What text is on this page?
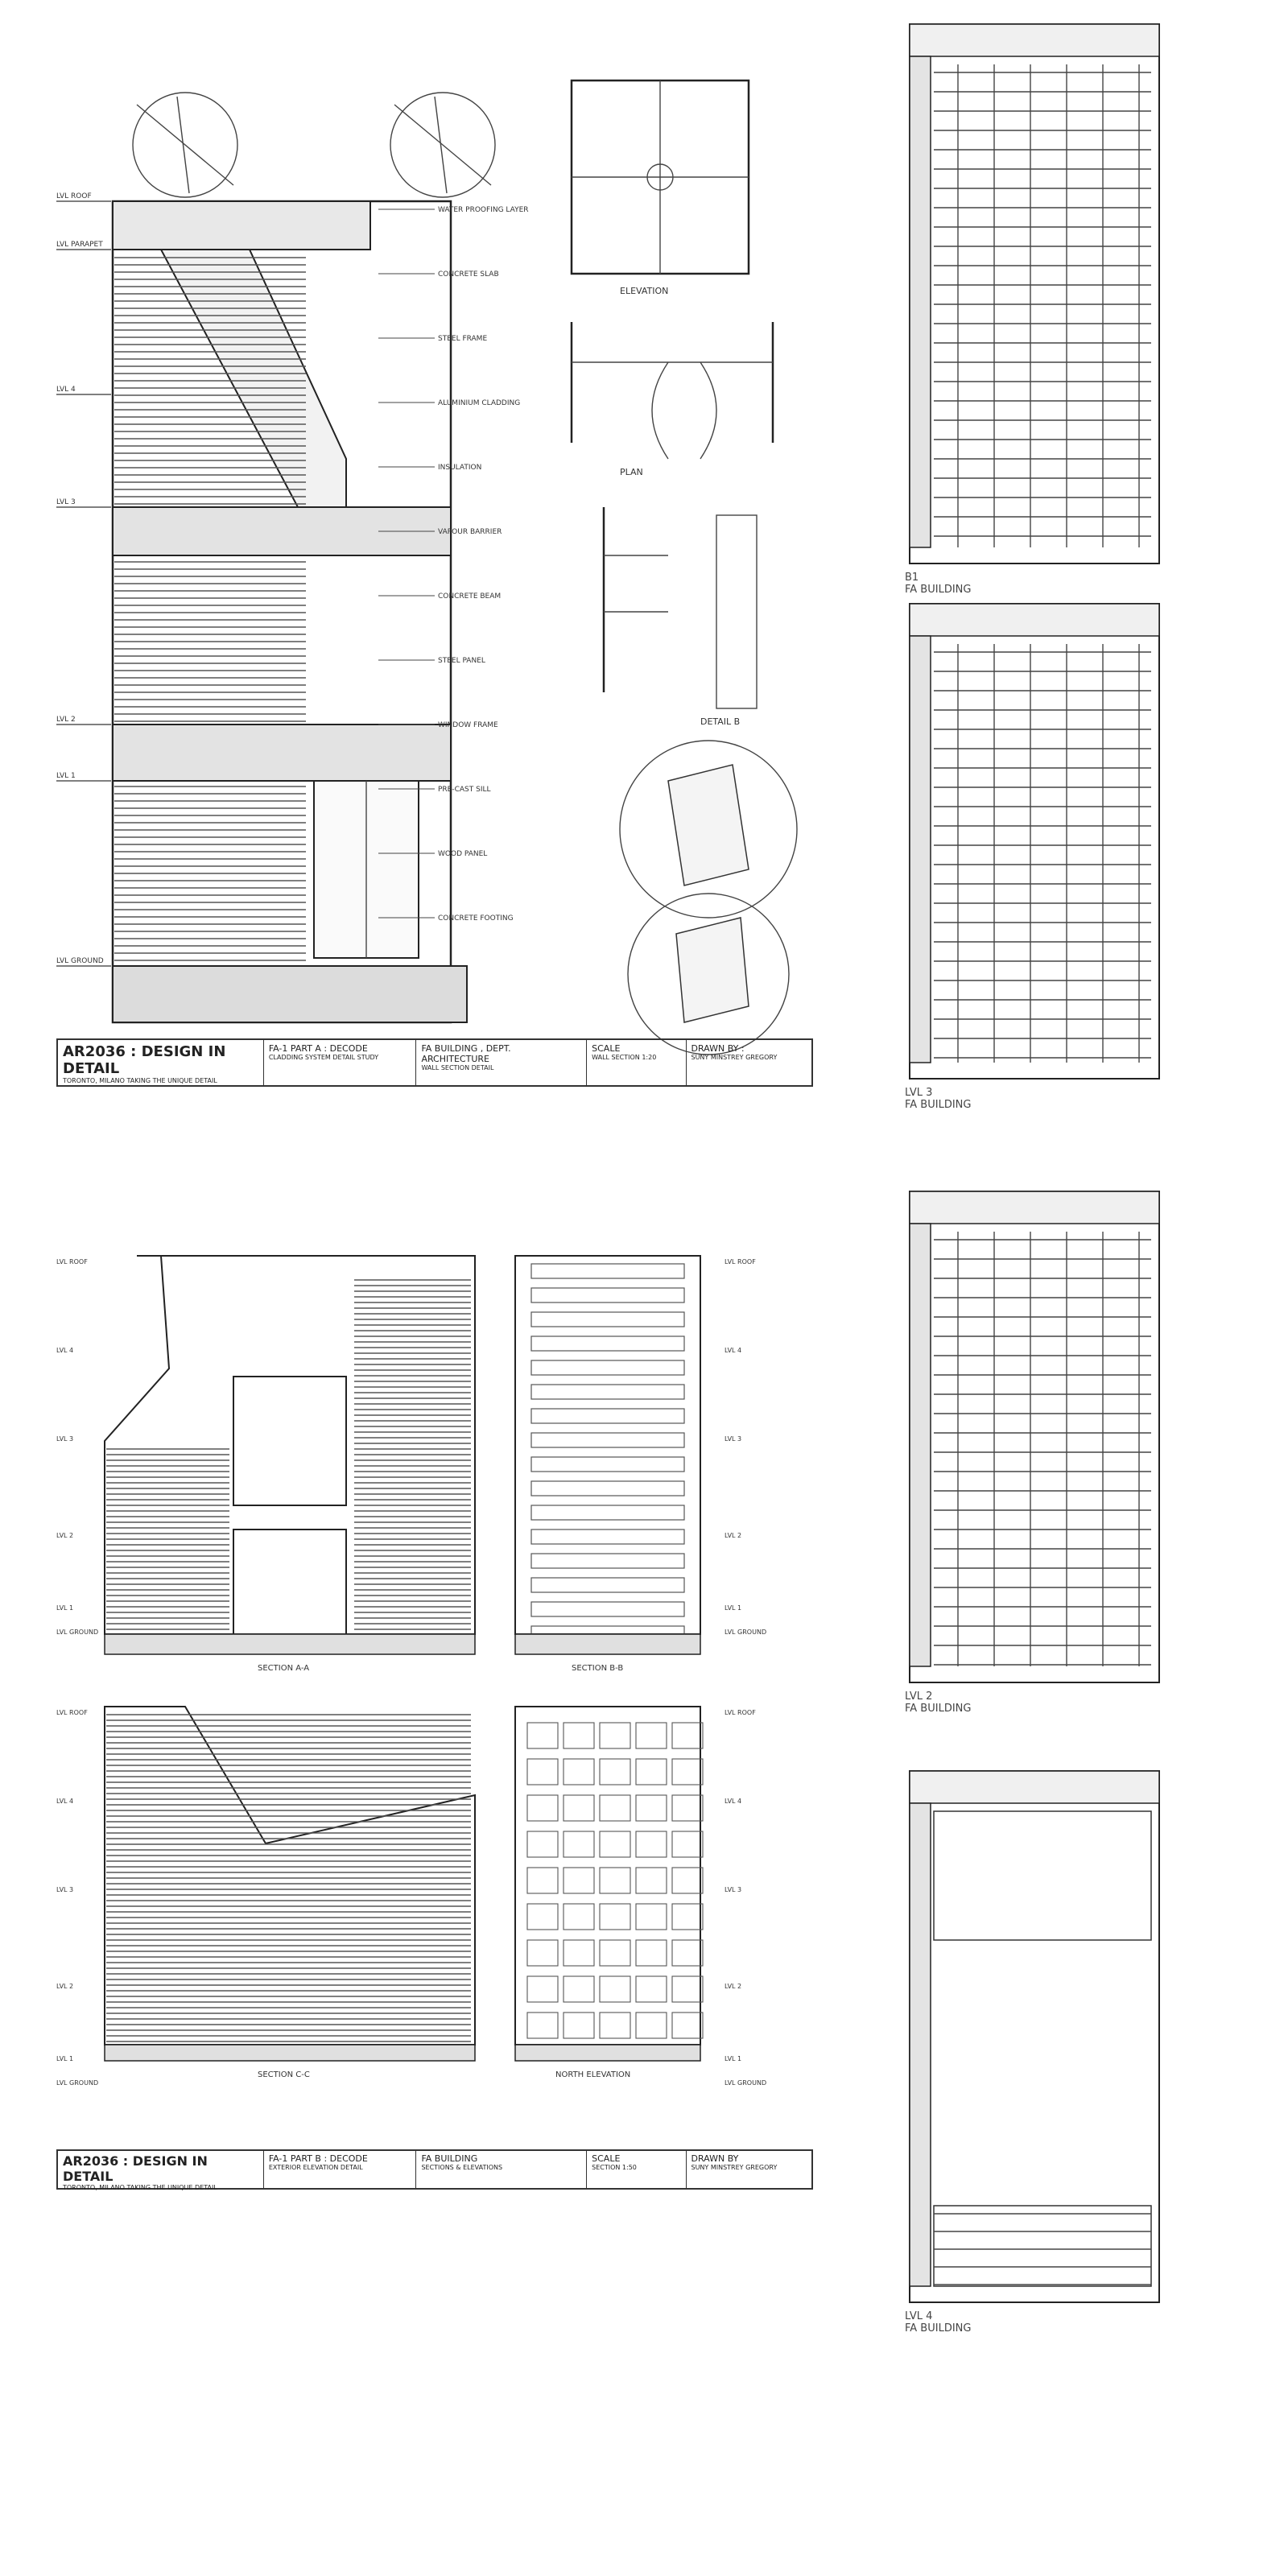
LVL ROOF
LVL PARAPET
LVL 4
LVL 3
LVL 2
LVL 1
LVL GROUND
ELEVATION
PLAN
DETAIL B
WATER PROOFING LAYER
CONCRETE SLAB
STEEL FRAME
ALUMINIUM CLADDING
INSULATION
VAPOUR BARRIER
CONCRETE BEAM
STEEL PANEL
WINDOW FRAME
PRE-CAST SILL
WOOD PANEL
CONCRETE FOOTING
AR2036 : DESIGN IN DETAIL
TORONTO, MILANO TAKING THE UNIQUE DETAIL
FA-1 PART A : DECODE
CLADDING SYSTEM DETAIL STUDY
FA BUILDING , DEPT. ARCHITECTURE
WALL SECTION DETAIL
SCALE
WALL SECTION 1:20
DRAWN BY :
SUNY MINSTREY GREGORY
SECTION A-A	SECTION B-B
SECTION C-C	NORTH ELEVATION
LVL ROOF	LVL ROOF
LVL ROOF	LVL ROOF
LVL 4	LVL 4
LVL 4	LVL 4
LVL 3	LVL 3
LVL 3	LVL 3
LVL 2	LVL 2
LVL 2	LVL 2
LVL 1	LVL 1
LVL 1	LVL 1
LVL GROUND	LVL GROUND
LVL GROUND	LVL GROUND
AR2036 : DESIGN IN DETAIL
TORONTO, MILANO TAKING THE UNIQUE DETAIL
FA-1 PART B : DECODE
EXTERIOR ELEVATION DETAIL
FA BUILDING
SECTIONS & ELEVATIONS
SCALE
SECTION 1:50
DRAWN BY
SUNY MINSTREY GREGORY
B1
FA BUILDING
LVL 3
FA BUILDING
LVL 2
FA BUILDING
LVL 4
FA BUILDING
